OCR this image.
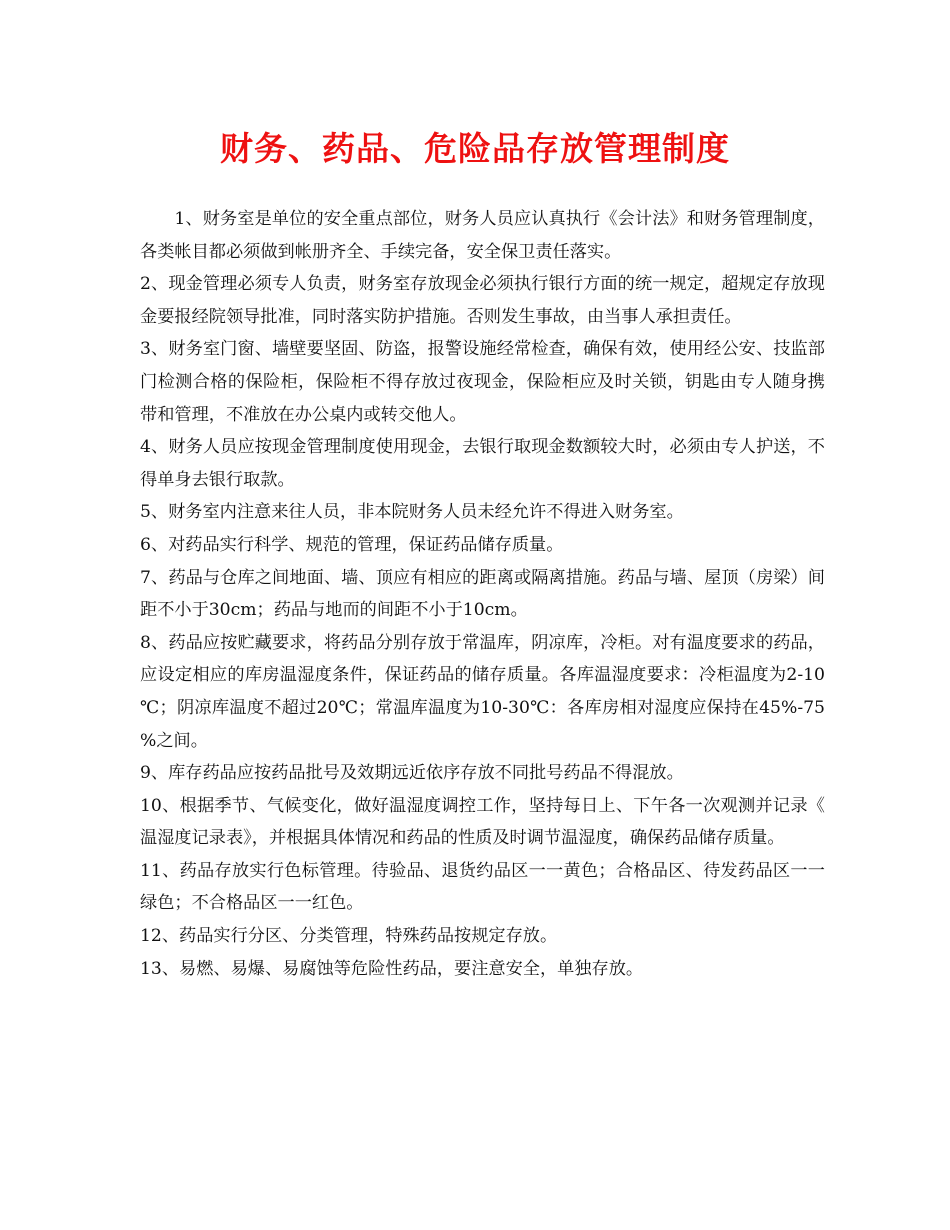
财务、药品、危险品存放管理制度

1、财务室是单位的安全重点部位，财务人员应认真执行《会计法》和财务管理制度，各类帐目都必须做到帐册齐全、手续完备，安全保卫责任落实。

2、现金管理必须专人负责，财务室存放现金必须执行银行方面的统一规定，超规定存放现金要报经院领导批准，同时落实防护措施。否则发生事故，由当事人承担责任。

3、财务室门窗、墙壁要坚固、防盗，报警设施经常检查，确保有效，使用经公安、技监部门检测合格的保险柜，保险柜不得存放过夜现金，保险柜应及时关锁，钥匙由专人随身携带和管理，不准放在办公桌内或转交他人。

4、财务人员应按现金管理制度使用现金，去银行取现金数额较大时，必须由专人护送，不得单身去银行取款。

5、财务室内注意来往人员，非本院财务人员未经允许不得进入财务室。

6、对药品实行科学、规范的管理，保证药品储存质量。

7、药品与仓库之间地面、墙、顶应有相应的距离或隔离措施。药品与墙、屋顶（房梁）间距不小于30cm；药品与地而的间距不小于10cm。

8、药品应按贮藏要求，将药品分别存放于常温库，阴凉库，冷柜。对有温度要求的药品，应设定相应的库房温湿度条件，保证药品的储存质量。各库温湿度要求：冷柜温度为2-10℃；阴凉库温度不超过20℃；常温库温度为10-30℃：各库房相对湿度应保持在45%-75%之间。

9、库存药品应按药品批号及效期远近依序存放不同批号药品不得混放。

10、根据季节、气候变化，做好温湿度调控工作，坚持每日上、下午各一次观测并记录《温湿度记录表》，并根据具体情况和药品的性质及时调节温湿度，确保药品储存质量。

11、药品存放实行色标管理。待验品、退货约品区一一黄色；合格品区、待发药品区一一绿色；不合格品区一一红色。

12、药品实行分区、分类管理，特殊药品按规定存放。

13、易燃、易爆、易腐蚀等危险性药品，要注意安全，单独存放。
